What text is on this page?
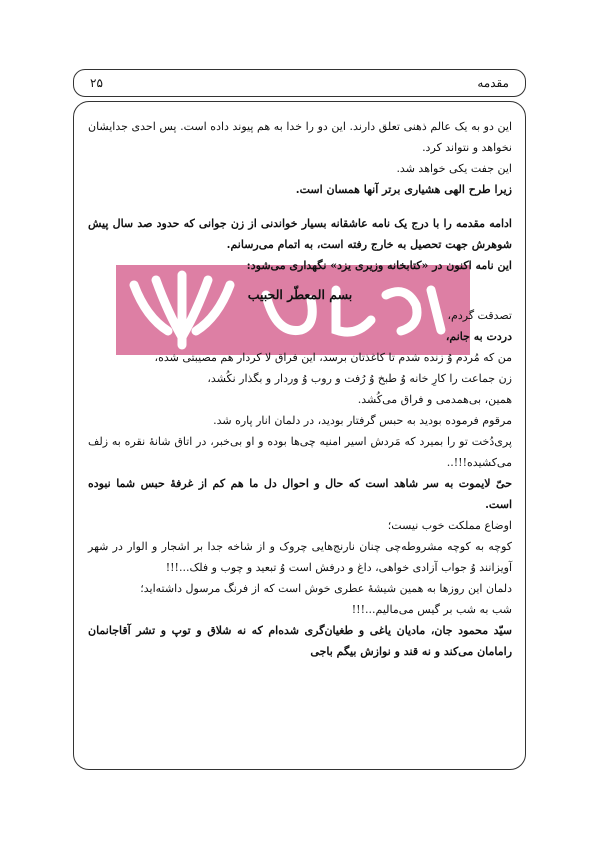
مقدمه
۲۵

این دو به یک عالم ذهنی تعلق دارند. این دو را خدا به هم پیوند داده است. پس احدی جدایشان نخواهد و نتواند کرد.

این جفت یکی خواهد شد.

زیرا طرح الهی هشیاری برتر آنها همسان است.

ادامه مقدمه را با درج یک نامه عاشقانه بسیار خواندنی از زن جوانی که حدود صد سال پیش شوهرش جهت تحصیل به خارج رفته است، به اتمام می‌رسانم.

این نامه اکنون در «کتابخانه وزیری یزد» نگهداری می‌شود:

بسم المعطّر الحبیب

تصدقت گردم،

دردت به جانم،

من که مُردم وُ زنده شدم تا کاغذتان برسد، این فراق لا کردار هم مصیبتی شده،

زن جماعت را کارِ خانه وُ طبخ وُ رُفت و روب وُ وردار و بگذار نکُشد،

همین، بی‌همدمی و فراق می‌کُشد.

مرقوم فرموده بودید به حبس گرفتار بودید، در دلمان انار پاره شد.

پری‌دُخت تو را بمیرد که مَردش اسیر امنیه چی‌ها بوده و او بی‌خبر، در اتاق شانهٔ نقره به زلف می‌کشیده!!!..

حیّ لایموت به سر شاهد است که حال و احوال دل ما هم کم از غرفهٔ حبس شما نبوده است.

اوضاع مملکت خوب نیست؛

کوچه به کوچه مشروطه‌چی چنان نارنج‌هایی چروک و از شاخه جدا بر اشجار و الوار در شهر آویزانند وُ جواب آزادی خواهی، داغ و درفش است وُ تبعید و چوب و فلک...!!!

دلمان این روزها به همین شیشهٔ عطری خوش است که از فرنگ مرسول داشته‌اید؛

شب به شب بر گیس می‌مالیم...!!!

سیّد محمود جان، مادیان یاغی و طغیان‌گری شده‌ام که نه شلاق و توپ و تشر آقاجانمان رامامان می‌کند و نه قند و نوازش بیگم باجی
